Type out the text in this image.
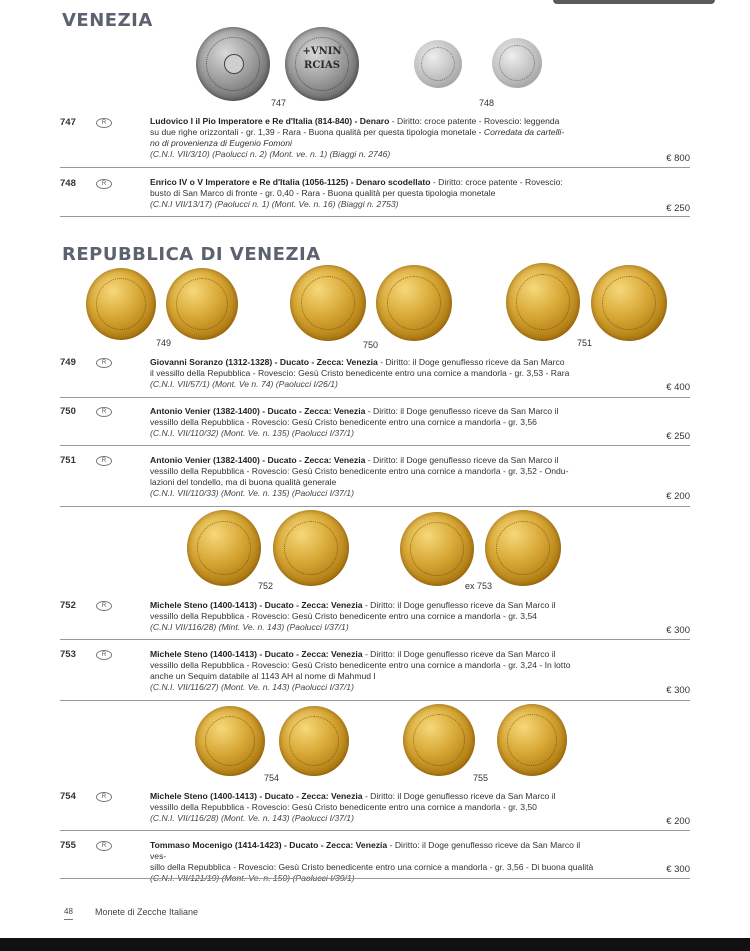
VENEZIA
+VNIN
RCIAS
747	748
747	R	Ludovico I il Pio Imperatore e Re d'Italia (814-840) - Denaro - Diritto: croce patente - Rovescio: leggenda
su due righe orizzontali - gr. 1,39 - Rara - Buona qualità per questa tipologia monetale - Corredata da cartelli-
no di provenienza di Eugenio Fomoni
(C.N.I. VII/3/10) (Paolucci n. 2) (Mont. ve. n. 1) (Biaggi n. 2746)	€ 800
748	R	Enrico IV o V Imperatore e Re d'Italia (1056-1125) - Denaro scodellato - Diritto: croce patente - Rovescio:
busto di San Marco di fronte - gr. 0,40 - Rara - Buona qualità per questa tipologia monetale
(C.N.I VII/13/17) (Paolucci n. 1) (Mont. Ve. n. 16) (Biaggi n. 2753)	€ 250
REPUBBLICA DI VENEZIA
749	750	751
749	R	Giovanni Soranzo (1312-1328) - Ducato - Zecca: Venezia - Diritto: il Doge genuflesso riceve da San Marco
il vessillo della Repubblica - Rovescio: Gesù Cristo benedicente entro una cornice a mandorla - gr. 3,53 - Rara
(C.N.I. VII/57/1) (Mont. Ve n. 74) (Paolucci I/26/1)	€ 400
750	R	Antonio Venier (1382-1400) - Ducato - Zecca: Venezia - Diritto: il Doge genuflesso riceve da San Marco il
vessillo della Repubblica - Rovescio: Gesù Cristo benedicente entro una cornice a mandorla - gr. 3,56
(C.N.I. VII/110/32) (Mont. Ve. n. 135) (Paolucci I/37/1)	€ 250
751	R	Antonio Venier (1382-1400) - Ducato - Zecca: Venezia - Diritto: il Doge genuflesso riceve da San Marco il
vessillo della Repubblica - Rovescio: Gesù Cristo benedicente entro una cornice a mandorla - gr. 3,52 - Ondu-
lazioni del tondello, ma di buona qualità generale
(C.N.I. VII/110/33) (Mont. Ve. n. 135) (Paolucci I/37/1)	€ 200
752	ex 753
752	R	Michele Steno (1400-1413) - Ducato - Zecca: Venezia - Diritto: il Doge genuflesso riceve da San Marco il
vessillo della Repubblica - Rovescio: Gesù Cristo benedicente entro una cornice a mandorla - gr. 3,54
(C.N.I VII/116/28) (Mint. Ve. n. 143) (Paolucci I/37/1)	€ 300
753	R	Michele Steno (1400-1413) - Ducato - Zecca: Venezia - Diritto: il Doge genuflesso riceve da San Marco il
vessillo della Repubblica - Rovescio: Gesù Cristo benedicente entro una cornice a mandorla - gr. 3,24 - In lotto
anche un Sequim databile al 1143 AH al nome di Mahmud I
(C.N.I. VII/116/27) (Mont. Ve. n. 143) (Paolucci I/37/1)	€ 300
754	755
754	R	Michele Steno (1400-1413) - Ducato - Zecca: Venezia - Diritto: il Doge genuflesso riceve da San Marco il
vessillo della Repubblica - Rovescio: Gesù Cristo benedicente entro una cornice a mandorla - gr. 3,50
(C.N.I. VII/116/28) (Mont. Ve. n. 143) (Paolucci I/37/1)	€ 200
755	R	Tommaso Mocenigo (1414-1423) - Ducato - Zecca: Venezia - Diritto: il Doge genuflesso riceve da San Marco il ves-
sillo della Repubblica - Rovescio: Gesù Cristo benedicente entro una cornice a mandorla - gr. 3,56 - Di buona qualità
(C.N.I. VII/121/19) (Mont. Ve. n. 150) (Paolucci I/39/1)
€ 300
48 Monete di Zecche Italiane
